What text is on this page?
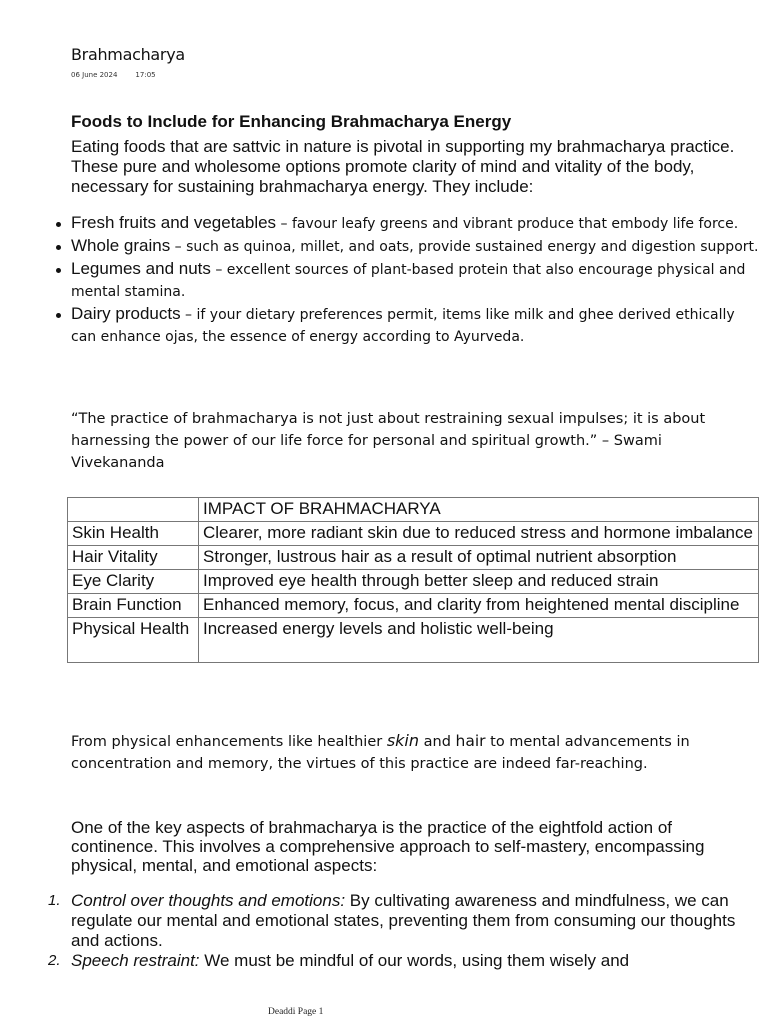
Brahmacharya
06 June 2024	17:05
Foods to Include for Enhancing Brahmacharya Energy
Eating foods that are sattvic in nature is pivotal in supporting my brahmacharya practice. These pure and wholesome options promote clarity of mind and vitality of the body, necessary for sustaining brahmacharya energy. They include:
Fresh fruits and vegetables – favour leafy greens and vibrant produce that embody life force.
Whole grains – such as quinoa, millet, and oats, provide sustained energy and digestion support.
Legumes and nuts – excellent sources of plant-based protein that also encourage physical and mental stamina.
Dairy products – if your dietary preferences permit, items like milk and ghee derived ethically can enhance ojas, the essence of energy according to Ayurveda.
“The practice of brahmacharya is not just about restraining sexual impulses; it is about harnessing the power of our life force for personal and spiritual growth.” – Swami Vivekananda
	IMPACT OF BRAHMACHARYA
Skin Health	Clearer, more radiant skin due to reduced stress and hormone imbalance
Hair Vitality	Stronger, lustrous hair as a result of optimal nutrient absorption
Eye Clarity	Improved eye health through better sleep and reduced strain
Brain Function	Enhanced memory, focus, and clarity from heightened mental discipline
Physical Health	Increased energy levels and holistic well-being
From physical enhancements like healthier skin and hair to mental advancements in concentration and memory, the virtues of this practice are indeed far-reaching.
One of the key aspects of brahmacharya is the practice of the eightfold action of continence. This involves a comprehensive approach to self-mastery, encompassing physical, mental, and emotional aspects:
1. Control over thoughts and emotions: By cultivating awareness and mindfulness, we can regulate our mental and emotional states, preventing them from consuming our thoughts and actions.
2. Speech restraint: We must be mindful of our words, using them wisely and
Deaddi Page 1
